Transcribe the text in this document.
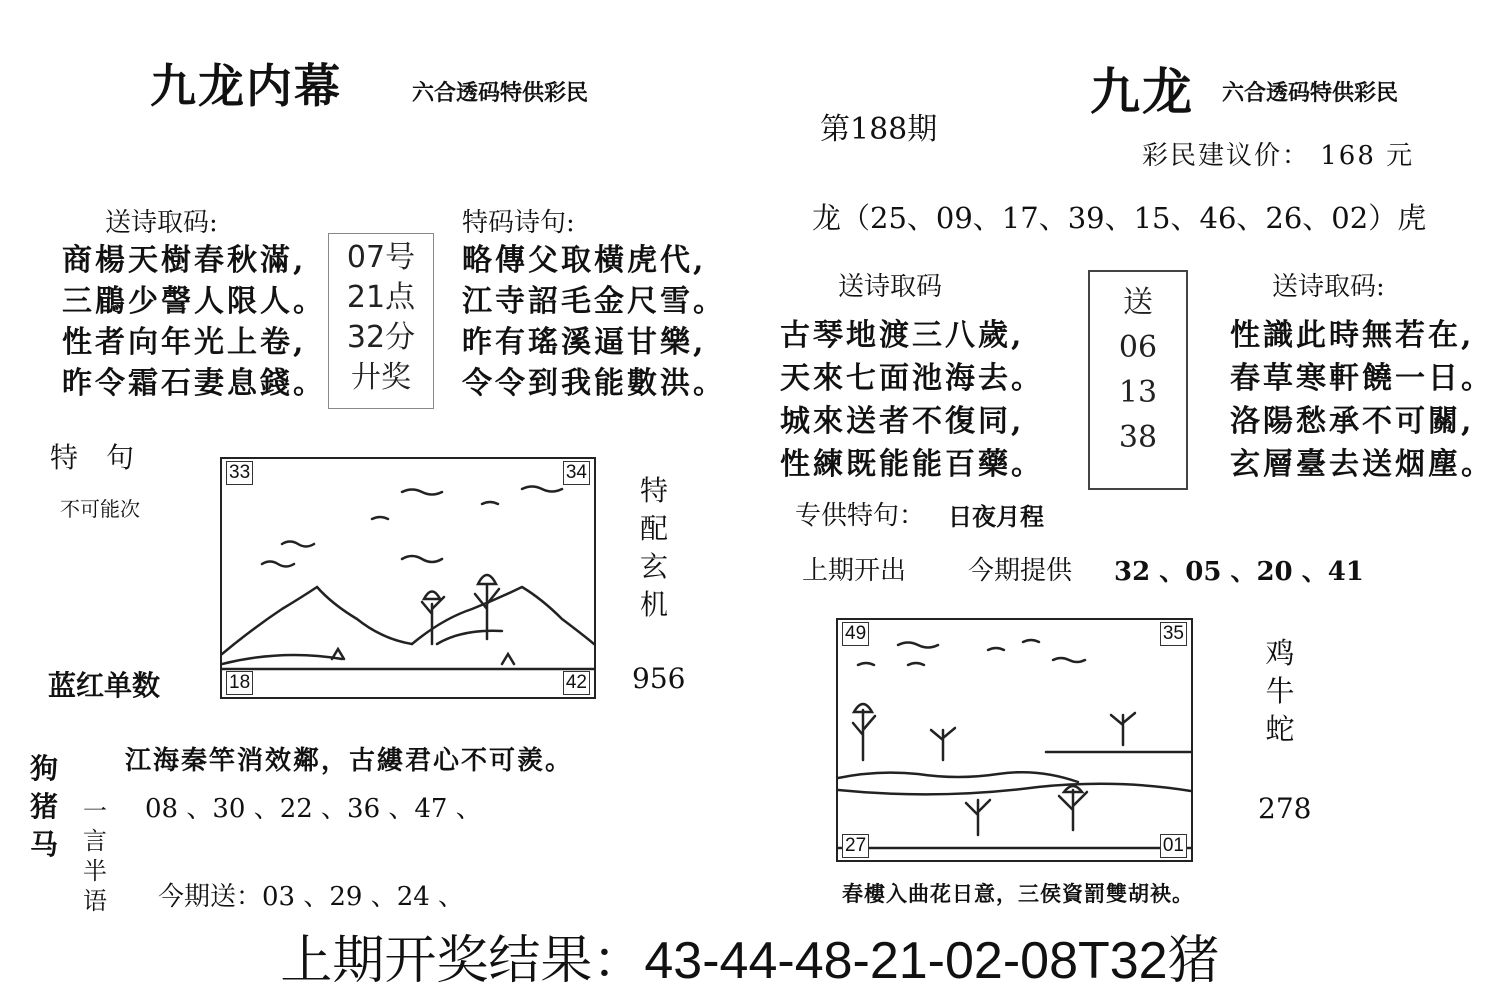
九龙内幕	六合透码特供彩民
送诗取码:
商楊天樹春秋滿,
三鶥少謦人限人。
性者向年光上卷,
昨令霜石妻息錢。
07号
21点
32分
廾奖
特码诗句:
略傳父取橫虎代,
江寺詔毛金尺雪。
昨有瑤溪逼甘樂,
令令到我能數洪。
特　句
不可能次
33	34
18	42
特配玄机
956
蓝红单数
狗猪马
一言半语
江海秦竿消效鄰，古縷君心不可羨。
08 、30 、22 、36 、47 、
今期送：03 、29 、24 、
第188期
九龙 六合透码特供彩民
彩民建议价： 168 元
龙（25、09、17、39、15、46、26、02）虎
送诗取码
古琴地渡三八歲,
天來七面池海去。
城來送者不復同,
性練既能能百藥。
送
06
13
38
送诗取码:
性識此時無若在,
春草寒軒饒一日。
洛陽愁承不可關,
玄層臺去送烟塵。
专供特句： 日夜月程
上期开出 今期提供 32 、05 、20 、41
49	35
27	01
鸡牛蛇
278
春樓入曲花日意，三侯資罰雙胡袂。
上期开奖结果：43-44-48-21-02-08T32猪
